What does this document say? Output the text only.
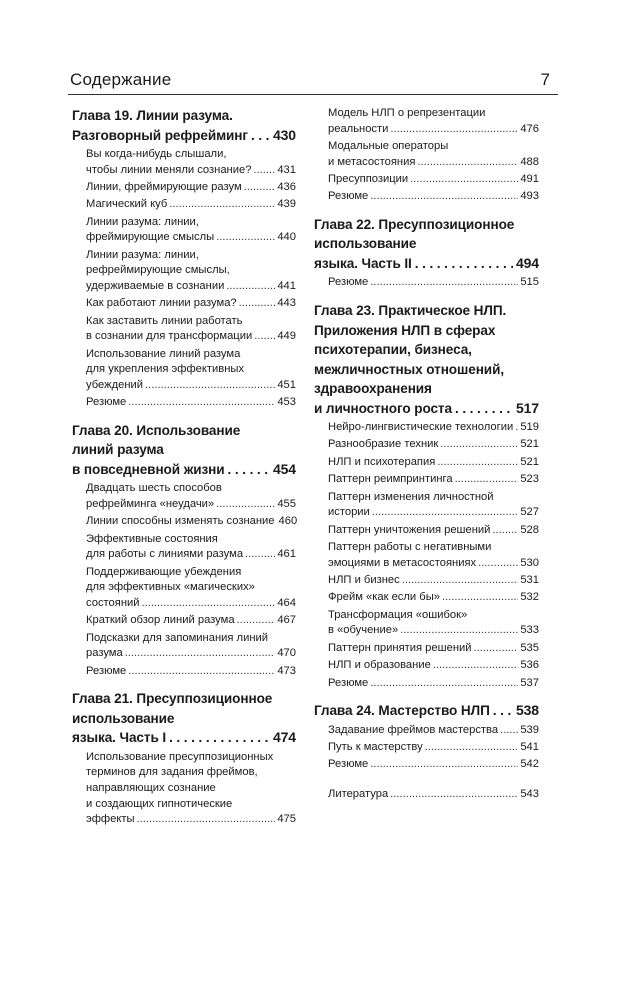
Содержание	7
Глава 19. Линии разума.
Разговорный рефрейминг . . . 430
Вы когда-нибудь слышали,
чтобы линии меняли сознание? ..... 431
Линии, фреймирующие разум .....	436
Магический куб .....	439
Линии разума: линии,
фреймирующие смыслы .....	440
Линии разума: линии,
рефреймирующие смыслы,
удерживаемые в сознании .....	441
Как работают линии разума? .....	443
Как заставить линии работать
в сознании для трансформации ..... 449
Использование линий разума
для укрепления эффективных
убеждений .....	451
Резюме .....	453
Глава 20. Использование
линий разума
в повседневной жизни . . .	454
Двадцать шесть способов
рефрейминга «неудачи» .....	455
Линии способны изменять сознание 460
Эффективные состояния
для работы с линиями разума .....	461
Поддерживающие убеждения
для эффективных «магических»
состояний .....	464
Краткий обзор линий разума .....	467
Подсказки для запоминания линий
разума .....	470
Резюме .....	473
Глава 21. Пресуппозиционное
использование
языка. Часть I . . .	474
Использование пресуппозиционных
терминов для задания фреймов,
направляющих сознание
и создающих гипнотические
эффекты .....	475
Модель НЛП о репрезентации
реальности .....	476
Модальные операторы
и метасостояния .....	488
Пресуппозиции .....	491
Резюме .....	493
Глава 22. Пресуппозиционное
использование
языка. Часть II . . .	494
Резюме .....	515
Глава 23. Практическое НЛП.
Приложения НЛП в сферах
психотерапии, бизнеса,
межличностных отношений,
здравоохранения
и личностного роста . . .	517
Нейро-лингвистические технологии ..... 519
Разнообразие техник .....	521
НЛП и психотерапия .....	521
Паттерн реимпринтинга .....	523
Паттерн изменения личностной
истории .....	527
Паттерн уничтожения решений .....	528
Паттерн работы с негативными
эмоциями в метасостояниях .....	530
НЛП и бизнес .....	531
Фрейм «как если бы» .....	532
Трансформация «ошибок»
в «обучение» .....	533
Паттерн принятия решений .....	535
НЛП и образование .....	536
Резюме .....	537
Глава 24. Мастерство НЛП . . . 538
Задавание фреймов мастерства ..... 539
Путь к мастерству .....	541
Резюме .....	542
Литература .....	543
